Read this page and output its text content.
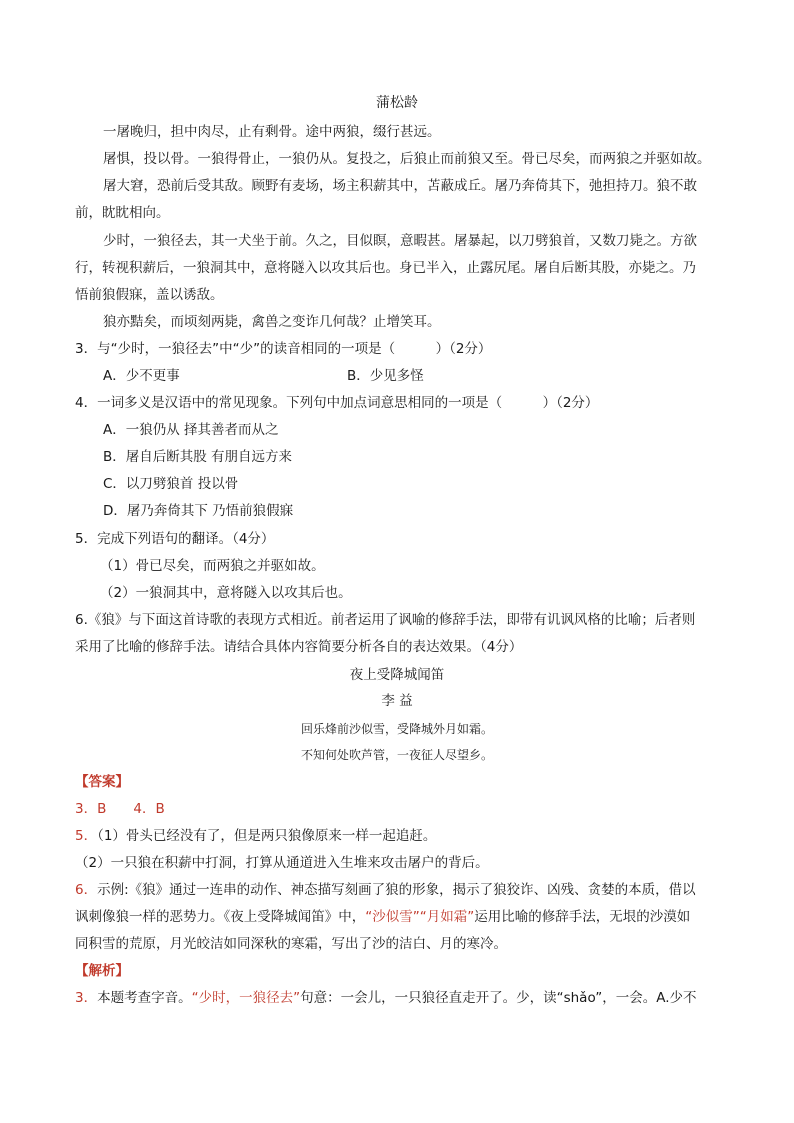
蒲松龄
一屠晚归，担中肉尽，止有剩骨。途中两狼，缀行甚远。
屠惧，投以骨。一狼得骨止，一狼仍从。复投之，后狼止而前狼又至。骨已尽矣，而两狼之并驱如故。
屠大窘，恐前后受其敌。顾野有麦场，场主积薪其中，苫蔽成丘。屠乃奔倚其下，弛担持刀。狼不敢
前，眈眈相向。
少时，一狼径去，其一犬坐于前。久之，目似瞑，意暇甚。屠暴起，以刀劈狼首，又数刀毙之。方欲
行，转视积薪后，一狼洞其中，意将隧入以攻其后也。身已半入，止露尻尾。屠自后断其股，亦毙之。乃
悟前狼假寐，盖以诱敌。
狼亦黠矣，而顷刻两毙，禽兽之变诈几何哉？止增笑耳。
3．与“少时，一狼径去”中“少”的读音相同的一项是（　　　）（2分）
A．少不更事	B．少见多怪
4．一词多义是汉语中的常见现象。下列句中加点词意思相同的一项是（　　　）（2分）
A．一狼仍从 择其善者而从之
B．屠自后断其股 有朋自远方来
C．以刀劈狼首 投以骨
D．屠乃奔倚其下 乃悟前狼假寐
5．完成下列语句的翻译。（4分）
（1）骨已尽矣，而两狼之并驱如故。
（2）一狼洞其中，意将隧入以攻其后也。
6.《狼》与下面这首诗歌的表现方式相近。前者运用了讽喻的修辞手法，即带有讥讽风格的比喻；后者则
采用了比喻的修辞手法。请结合具体内容简要分析各自的表达效果。（4分）
夜上受降城闻笛
李 益
回乐烽前沙似雪，受降城外月如霜。
不知何处吹芦管，一夜征人尽望乡。
【答案】
3．B　　4．B
5．（1）骨头已经没有了，但是两只狼像原来一样一起追赶。
（2）一只狼在积薪中打洞，打算从通道进入生堆来攻击屠户的背后。
6．示例:《狼》通过一连串的动作、神态描写刻画了狼的形象，揭示了狼狡诈、凶残、贪婪的本质，借以
讽刺像狼一样的恶势力。《夜上受降城闻笛》中，“沙似雪”“月如霜”运用比喻的修辞手法，无垠的沙漠如
同积雪的荒原，月光皎洁如同深秋的寒霜，写出了沙的洁白、月的寒冷。
【解析】
3．本题考查字音。“少时，一狼径去”句意：一会儿，一只狼径直走开了。少，读“shǎo”，一会。A.少不
